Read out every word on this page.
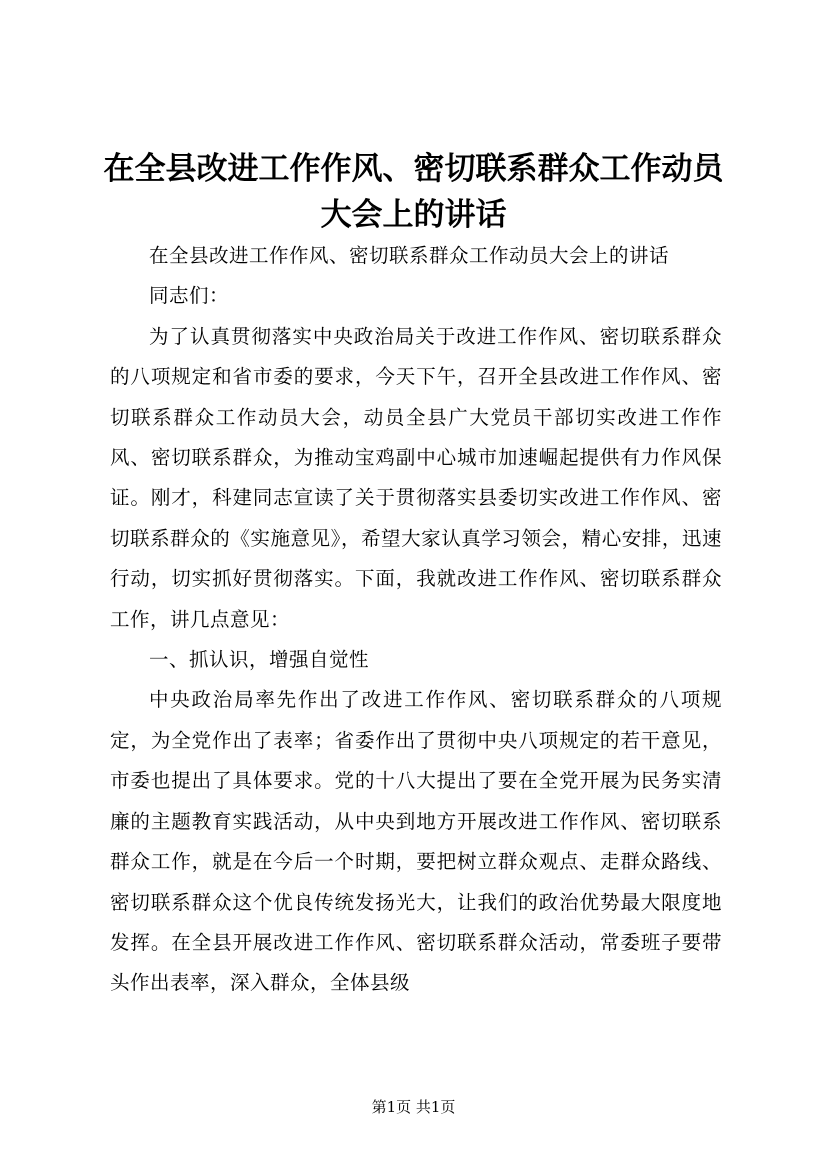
在全县改进工作作风、密切联系群众工作动员大会上的讲话

在全县改进工作作风、密切联系群众工作动员大会上的讲话

同志们：

为了认真贯彻落实中央政治局关于改进工作作风、密切联系群众的八项规定和省市委的要求，今天下午，召开全县改进工作作风、密切联系群众工作动员大会，动员全县广大党员干部切实改进工作作风、密切联系群众，为推动宝鸡副中心城市加速崛起提供有力作风保证。刚才，科建同志宣读了关于贯彻落实县委切实改进工作作风、密切联系群众的《实施意见》，希望大家认真学习领会，精心安排，迅速行动，切实抓好贯彻落实。下面，我就改进工作作风、密切联系群众工作，讲几点意见：

一、抓认识，增强自觉性

中央政治局率先作出了改进工作作风、密切联系群众的八项规定，为全党作出了表率；省委作出了贯彻中央八项规定的若干意见，市委也提出了具体要求。党的十八大提出了要在全党开展为民务实清廉的主题教育实践活动，从中央到地方开展改进工作作风、密切联系群众工作，就是在今后一个时期，要把树立群众观点、走群众路线、密切联系群众这个优良传统发扬光大，让我们的政治优势最大限度地发挥。在全县开展改进工作作风、密切联系群众活动，常委班子要带头作出表率，深入群众，全体县级

第1页 共1页
